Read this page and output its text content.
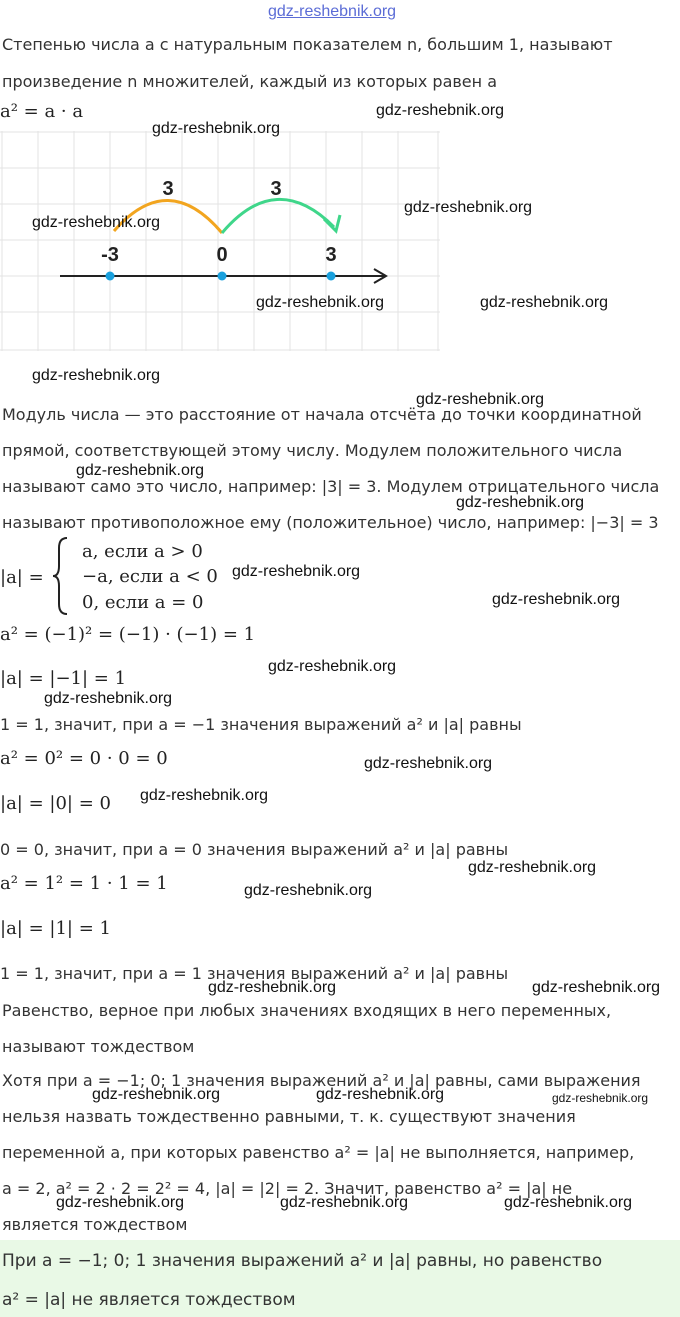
gdz-reshebnik.org
Степенью числа a с натуральным показателем n, большим 1, называют
произведение n множителей, каждый из которых равен a
a² = a · a
3	3
-3	0	3
gdz-reshebnik.org
gdz-reshebnik.org
gdz-reshebnik.org
gdz-reshebnik.org
gdz-reshebnik.org	gdz-reshebnik.org
gdz-reshebnik.org
gdz-reshebnik.org
gdz-reshebnik.org
gdz-reshebnik.org
gdz-reshebnik.org
gdz-reshebnik.org
gdz-reshebnik.org
gdz-reshebnik.org
gdz-reshebnik.org
gdz-reshebnik.org
gdz-reshebnik.org
gdz-reshebnik.org
gdz-reshebnik.org	gdz-reshebnik.org
gdz-reshebnik.org	gdz-reshebnik.org	gdz-reshebnik.org
gdz-reshebnik.org	gdz-reshebnik.org	gdz-reshebnik.org
Модуль числа — это расстояние от начала отсчёта до точки координатной
прямой, соответствующей этому числу. Модулем положительного числа
называют само это число, например: |3| = 3. Модулем отрицательного числа
называют противоположное ему (положительное) число, например: |−3| = 3
|a| =
a, если a > 0
−a, если a < 0
0, если a = 0
a² = (−1)² = (−1) · (−1) = 1
|a| = |−1| = 1
1 = 1, значит, при a = −1 значения выражений a² и |a| равны
a² = 0² = 0 · 0 = 0
|a| = |0| = 0
0 = 0, значит, при a = 0 значения выражений a² и |a| равны
a² = 1² = 1 · 1 = 1
|a| = |1| = 1
1 = 1, значит, при a = 1 значения выражений a² и |a| равны
Равенство, верное при любых значениях входящих в него переменных,
называют тождеством
Хотя при a = −1; 0; 1 значения выражений a² и |a| равны, сами выражения
нельзя назвать тождественно равными, т. к. существуют значения
переменной a, при которых равенство a² = |a| не выполняется, например,
a = 2, a² = 2 · 2 = 2² = 4, |a| = |2| = 2. Значит, равенство a² = |a| не
является тождеством
При a = −1; 0; 1 значения выражений a² и |a| равны, но равенство
a² = |a| не является тождеством
